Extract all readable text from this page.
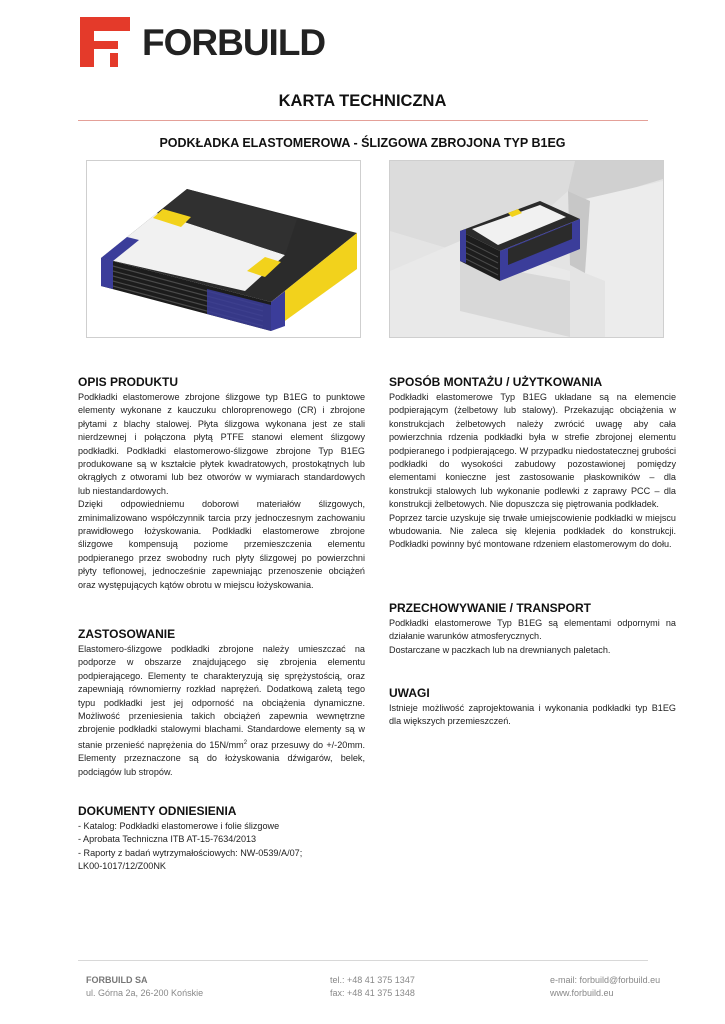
FORBUILD
KARTA TECHNICZNA
PODKŁADKA ELASTOMEROWA - ŚLIZGOWA ZBROJONA TYP B1EG
OPIS PRODUKTU

Podkładki elastomerowe zbrojone ślizgowe typ B1EG to punktowe elementy wykonane z kauczuku chloroprenowego (CR) i zbrojone płytami z blachy stalowej. Płyta ślizgowa wykonana jest ze stali nierdzewnej i połączona płytą PTFE stanowi element ślizgowy podkładki. Podkładki elastomerowo-ślizgowe zbrojone Typ B1EG produkowane są w kształcie płytek kwadratowych, prostokątnych lub okrągłych z otworami lub bez otworów w wymiarach standardowych lub niestandardowych.

Dzięki odpowiedniemu doborowi materiałów ślizgowych, zminimalizowano współczynnik tarcia przy jednoczesnym zachowaniu prawidłowego łożyskowania. Podkładki elastomerowe zbrojone ślizgowe kompensują poziome przemieszczenia elementu podpieranego przez swobodny ruch płyty ślizgowej po powierzchni płyty teflonowej, jednocześnie zapewniając przenoszenie obciążeń oraz występujących kątów obrotu w miejscu łożyskowania.

ZASTOSOWANIE

Elastomero-ślizgowe podkładki zbrojone należy umieszczać na podporze w obszarze znajdującego się zbrojenia elementu podpierającego. Elementy te charakteryzują się sprężystością, oraz zapewniają równomierny rozkład naprężeń. Dodatkową zaletą tego typu podkładki jest jej odporność na obciążenia dynamiczne. Możliwość przeniesienia takich obciążeń zapewnia wewnętrzne zbrojenie podkładki stalowymi blachami. Standardowe elementy są w stanie przenieść naprężenia do $15N/mm^2$ oraz przesuwy do +/-20mm. Elementy przeznaczone są do łożyskowania dźwigarów, belek, podciągów lub stropów.

DOKUMENTY ODNIESIENIA

- Katalog: Podkładki elastomerowe i folie ślizgowe

- Aprobata Techniczna ITB AT-15-7634/2013

- Raporty z badań wytrzymałościowych: NW-0539/A/07;

LK00-1017/12/Z00NK

SPOSÓB MONTAŻU / UŻYTKOWANIA

Podkładki elastomerowe Typ B1EG układane są na elemencie podpierającym (żelbetowy lub stalowy). Przekazując obciążenia w konstrukcjach żelbetowych należy zwrócić uwagę aby cała powierzchnia rdzenia podkładki była w strefie zbrojonej elementu podpieranego i podpierającego. W przypadku niedostatecznej grubości podkładki do wysokości zabudowy pozostawionej pomiędzy elementami konieczne jest zastosowanie płaskowników – dla konstrukcji stalowych lub wykonanie podlewki z zaprawy PCC – dla konstrukcji żelbetowych. Nie dopuszcza się piętrowania podkładek.

Poprzez tarcie uzyskuje się trwałe umiejscowienie podkładki w miejscu wbudowania. Nie zaleca się klejenia podkładek do konstrukcji. Podkładki powinny być montowane rdzeniem elastomerowym do dołu.

PRZECHOWYWANIE / TRANSPORT

Podkładki elastomerowe Typ B1EG są elementami odpornymi na działanie warunków atmosferycznych.

Dostarczane w paczkach lub na drewnianych paletach.

UWAGI

Istnieje możliwość zaprojektowania i wykonania podkładki typ B1EG dla większych przemieszczeń.

FORBUILD SA
ul. Górna 2a, 26-200 Końskie
tel.: +48 41 375 1347
fax: +48 41 375 1348
e-mail: forbuild@forbuild.eu
www.forbuild.eu
